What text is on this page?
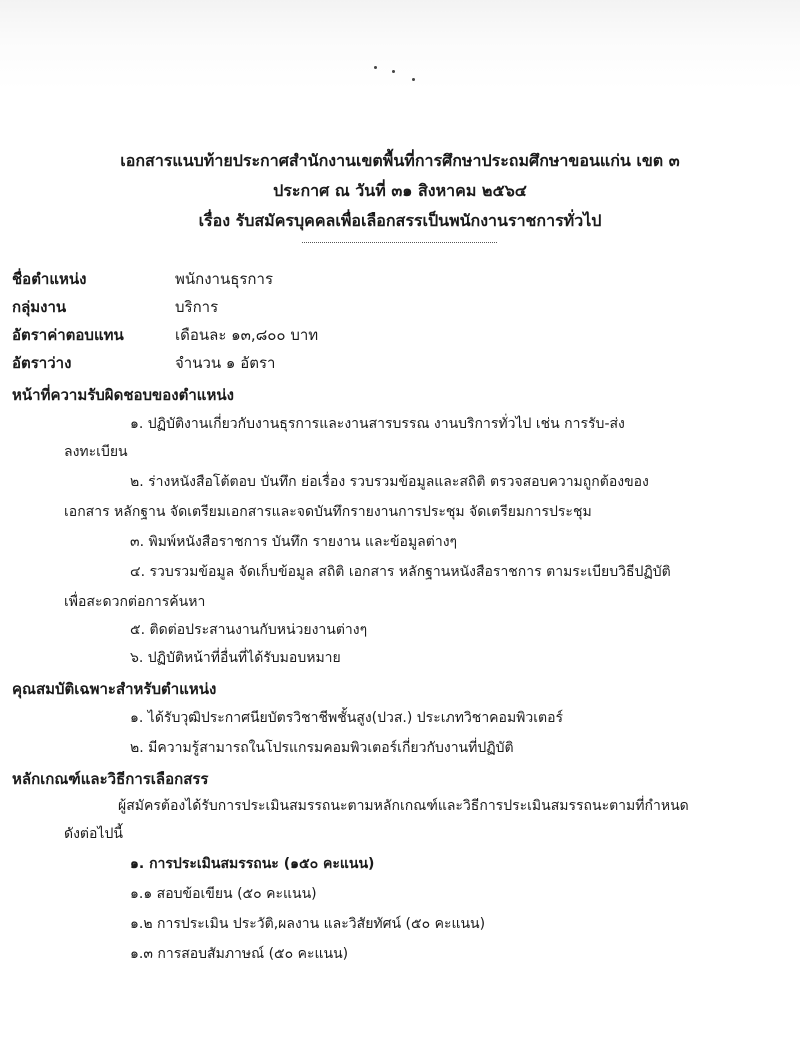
เอกสารแนบท้ายประกาศสำนักงานเขตพื้นที่การศึกษาประถมศึกษาขอนแก่น เขต ๓
ประกาศ ณ วันที่ ๓๑ สิงหาคม ๒๕๖๔
เรื่อง รับสมัครบุคคลเพื่อเลือกสรรเป็นพนักงานราชการทั่วไป
ชื่อตำแหน่ง	พนักงานธุรการ
กลุ่มงาน	บริการ
อัตราค่าตอบแทน	เดือนละ ๑๓,๘๐๐ บาท
อัตราว่าง	จำนวน ๑ อัตรา
หน้าที่ความรับผิดชอบของตำแหน่ง
๑. ปฏิบัติงานเกี่ยวกับงานธุรการและงานสารบรรณ งานบริการทั่วไป เช่น การรับ-ส่ง
ลงทะเบียน
๒. ร่างหนังสือโต้ตอบ บันทึก ย่อเรื่อง รวบรวมข้อมูลและสถิติ ตรวจสอบความถูกต้องของ
เอกสาร หลักฐาน จัดเตรียมเอกสารและจดบันทึกรายงานการประชุม จัดเตรียมการประชุม
๓. พิมพ์หนังสือราชการ บันทึก รายงาน และข้อมูลต่างๆ
๔. รวบรวมข้อมูล จัดเก็บข้อมูล สถิติ เอกสาร หลักฐานหนังสือราชการ ตามระเบียบวิธีปฏิบัติ
เพื่อสะดวกต่อการค้นหา
๕. ติดต่อประสานงานกับหน่วยงานต่างๆ
๖. ปฏิบัติหน้าที่อื่นที่ได้รับมอบหมาย
คุณสมบัติเฉพาะสำหรับตำแหน่ง
๑. ได้รับวุฒิประกาศนียบัตรวิชาชีพชั้นสูง(ปวส.) ประเภทวิชาคอมพิวเตอร์
๒. มีความรู้สามารถในโปรแกรมคอมพิวเตอร์เกี่ยวกับงานที่ปฏิบัติ
หลักเกณฑ์และวิธีการเลือกสรร
ผู้สมัครต้องได้รับการประเมินสมรรถนะตามหลักเกณฑ์และวิธีการประเมินสมรรถนะตามที่กำหนด
ดังต่อไปนี้
๑. การประเมินสมรรถนะ (๑๕๐ คะแนน)
๑.๑ สอบข้อเขียน (๕๐ คะแนน)
๑.๒ การประเมิน ประวัติ,ผลงาน และวิสัยทัศน์ (๕๐ คะแนน)
๑.๓ การสอบสัมภาษณ์ (๕๐ คะแนน)
